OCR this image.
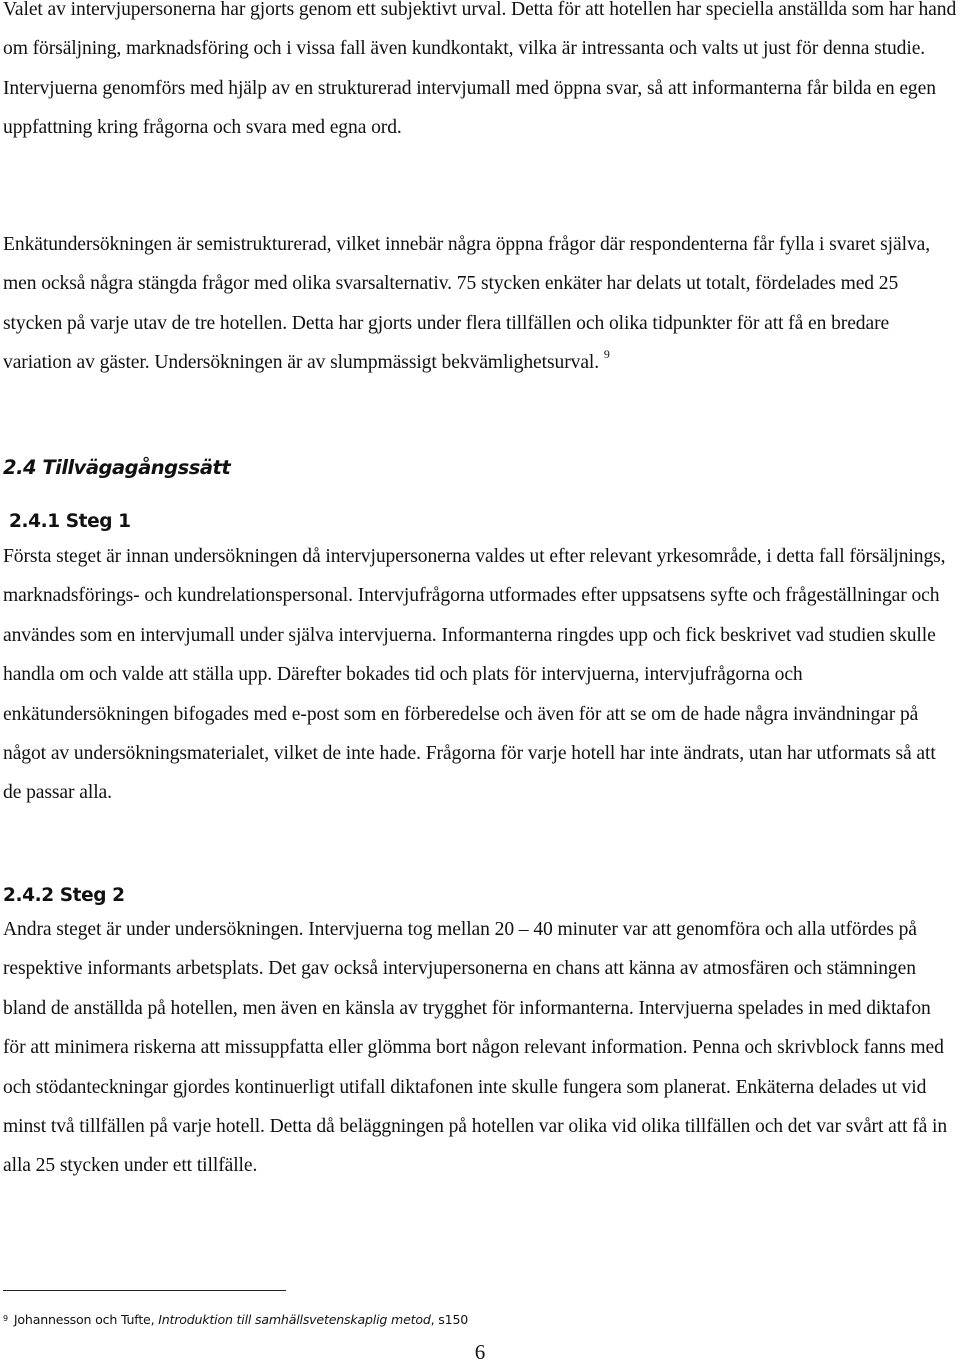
Valet av intervjupersonerna har gjorts genom ett subjektivt urval. Detta för att hotellen har speciella anställda som har hand om försäljning, marknadsföring och i vissa fall även kundkontakt, vilka är intressanta och valts ut just för denna studie. Intervjuerna genomförs med hjälp av en strukturerad intervjumall med öppna svar, så att informanterna får bilda en egen uppfattning kring frågorna och svara med egna ord.

Enkätundersökningen är semistrukturerad, vilket innebär några öppna frågor där respondenterna får fylla i svaret själva, men också några stängda frågor med olika svarsalternativ. 75 stycken enkäter har delats ut totalt, fördelades med 25 stycken på varje utav de tre hotellen. Detta har gjorts under flera tillfällen och olika tidpunkter för att få en bredare variation av gäster. Undersökningen är av slumpmässigt bekvämlighetsurval. $^9$

2.4 Tillvägagångssätt
2.4.1 Steg 1

Första steget är innan undersökningen då intervjupersonerna valdes ut efter relevant yrkesområde, i detta fall försäljnings, marknadsförings- och kundrelationspersonal. Intervjufrågorna utformades efter uppsatsens syfte och frågeställningar och användes som en intervjumall under själva intervjuerna. Informanterna ringdes upp och fick beskrivet vad studien skulle handla om och valde att ställa upp. Därefter bokades tid och plats för intervjuerna, intervjufrågorna och enkätundersökningen bifogades med e-post som en förberedelse och även för att se om de hade några invändningar på något av undersökningsmaterialet, vilket de inte hade. Frågorna för varje hotell har inte ändrats, utan har utformats så att de passar alla.

2.4.2 Steg 2

Andra steget är under undersökningen. Intervjuerna tog mellan 20 – 40 minuter var att genomföra och alla utfördes på respektive informants arbetsplats. Det gav också intervjupersonerna en chans att känna av atmosfären och stämningen bland de anställda på hotellen, men även en känsla av trygghet för informanterna. Intervjuerna spelades in med diktafon för att minimera riskerna att missuppfatta eller glömma bort någon relevant information. Penna och skrivblock fanns med och stödanteckningar gjordes kontinuerligt utifall diktafonen inte skulle fungera som planerat. Enkäterna delades ut vid minst två tillfällen på varje hotell. Detta då beläggningen på hotellen var olika vid olika tillfällen och det var svårt att få in alla 25 stycken under ett tillfälle.

$^9$ Johannesson och Tufte, Introduktion till samhällsvetenskaplig metod, s150

6
